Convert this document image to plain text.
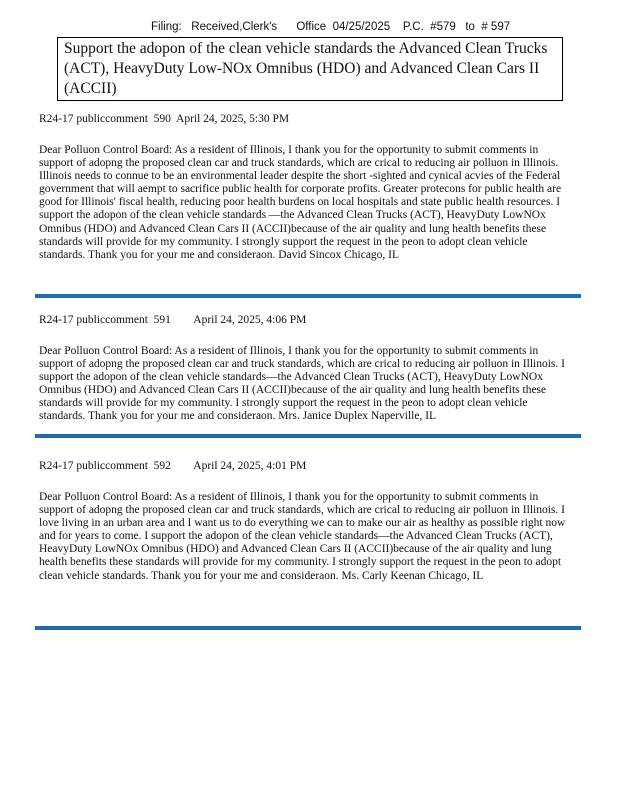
Filing:   Received,Clerk's      Office  04/25/2025    P.C.  #579   to  # 597
Support the adopon of the clean vehicle standards the Advanced Clean Trucks (ACT), HeavyDuty Low-NOx Omnibus (HDO) and Advanced Clean Cars II (ACCII)
R24-17 publiccomment  590  April 24, 2025, 5:30 PM
Dear Polluon Control Board: As a resident of Illinois, I thank you for the opportunity to submit comments in support of adopng the proposed clean car and truck standards, which are crical to reducing air polluon in Illinois. Illinois needs to connue to be an environmental leader despite the short -sighted and cynical acvies of the Federal government that will aempt to sacrifice public health for corporate profits. Greater protecons for public health are good for Illinois' fiscal health, reducing poor health burdens on local hospitals and state public health resources. I support the adopon of the clean vehicle standards —the Advanced Clean Trucks (ACT), HeavyDuty LowNOx Omnibus (HDO) and Advanced Clean Cars II (ACCII)because of the air quality and lung health benefits these standards will provide for my community. I strongly support the request in the peon to adopt clean vehicle standards. Thank you for your me and consideraon. David Sincox Chicago, IL
R24-17 publiccomment  591        April 24, 2025, 4:06 PM
Dear Polluon Control Board: As a resident of Illinois, I thank you for the opportunity to submit comments in support of adopng the proposed clean car and truck standards, which are crical to reducing air polluon in Illinois. I support the adopon of the clean vehicle standards—the Advanced Clean Trucks (ACT), HeavyDuty LowNOx Omnibus (HDO) and Advanced Clean Cars II (ACCII)because of the air quality and lung health benefits these standards will provide for my community. I strongly support the request in the peon to adopt clean vehicle standards. Thank you for your me and consideraon. Mrs. Janice Duplex Naperville, IL
R24-17 publiccomment  592        April 24, 2025, 4:01 PM
Dear Polluon Control Board: As a resident of Illinois, I thank you for the opportunity to submit comments in support of adopng the proposed clean car and truck standards, which are crical to reducing air polluon in Illinois. I love living in an urban area and I want us to do everything we can to make our air as healthy as possible right now and for years to come. I support the adopon of the clean vehicle standards—the Advanced Clean Trucks (ACT), HeavyDuty LowNOx Omnibus (HDO) and Advanced Clean Cars II (ACCII)because of the air quality and lung health benefits these standards will provide for my community. I strongly support the request in the peon to adopt clean vehicle standards. Thank you for your me and consideraon. Ms. Carly Keenan Chicago, IL
